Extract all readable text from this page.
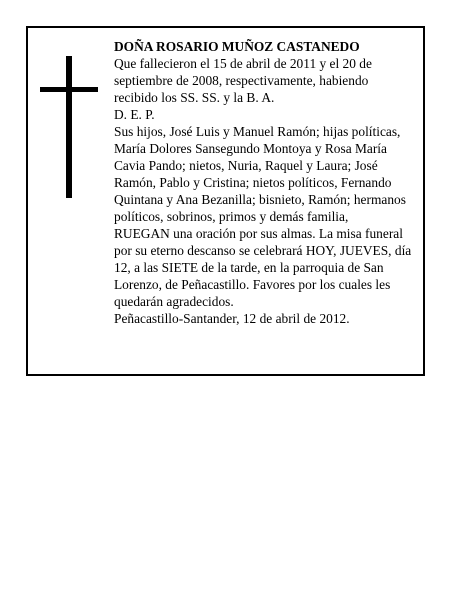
DOÑA ROSARIO MUÑOZ CASTANEDO

Que fallecieron el 15 de abril de 2011 y el 20 de

septiembre de 2008, respectivamente, habiendo

recibido los SS. SS. y la B. A.

D. E. P.

Sus hijos, José Luis y Manuel Ramón; hijas políticas,

María Dolores Sansegundo Montoya y Rosa María

Cavia Pando; nietos, Nuria, Raquel y Laura; José

Ramón, Pablo y Cristina; nietos políticos, Fernando

Quintana y Ana Bezanilla; bisnieto, Ramón; hermanos

políticos, sobrinos, primos y demás familia,

RUEGAN una oración por sus almas. La misa funeral

por su eterno descanso se celebrará HOY, JUEVES, día

12, a las SIETE de la tarde, en la parroquia de San

Lorenzo, de Peñacastillo. Favores por los cuales les

quedarán agradecidos.

Peñacastillo-Santander, 12 de abril de 2012.
